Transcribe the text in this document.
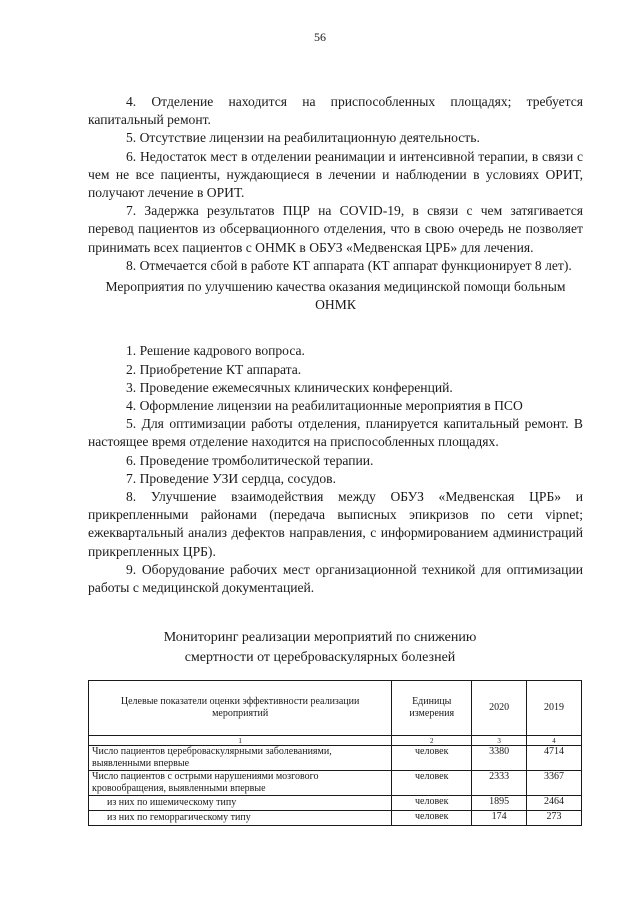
56

4. Отделение находится на приспособленных площадях; требуется капитальный ремонт.

5. Отсутствие лицензии на реабилитационную деятельность.

6. Недостаток мест в отделении реанимации и интенсивной терапии, в связи с чем не все пациенты, нуждающиеся в лечении и наблюдении в условиях ОРИТ, получают лечение в ОРИТ.

7. Задержка результатов ПЦР на COVID-19, в связи с чем затягивается перевод пациентов из обсервационного отделения, что в свою очередь не позволяет принимать всех пациентов с ОНМК в ОБУЗ «Медвенская ЦРБ» для лечения.

8. Отмечается сбой в работе КТ аппарата (КТ аппарат функционирует 8 лет).

Мероприятия по улучшению качества оказания медицинской помощи больным ОНМК

1. Решение кадрового вопроса.

2. Приобретение КТ аппарата.

3. Проведение ежемесячных клинических конференций.

4. Оформление лицензии на реабилитационные мероприятия в ПСО

5. Для оптимизации работы отделения, планируется капитальный ремонт. В настоящее время отделение находится на приспособленных площадях.

6. Проведение тромболитической терапии.

7. Проведение УЗИ сердца, сосудов.

8. Улучшение взаимодействия между ОБУЗ «Медвенская ЦРБ» и прикрепленными районами (передача выписных эпикризов по сети vipnet; ежеквартальный анализ дефектов направления, с информированием администраций прикрепленных ЦРБ).

9. Оборудование рабочих мест организационной техникой для оптимизации работы с медицинской документацией.

Мониторинг реализации мероприятий по снижению
смертности от цереброваскулярных болезней
Целевые показатели оценки эффективности реализации мероприятий	Единицы измерения	2020	2019
1	2	3	4
Число пациентов цереброваскулярными заболеваниями, выявленными впервые	человек	3380	4714
Число пациентов с острыми нарушениями мозгового кровообращения, выявленными впервые	человек	2333	3367
из них по ишемическому типу	человек	1895	2464
из них по геморрагическому типу	человек	174	273
